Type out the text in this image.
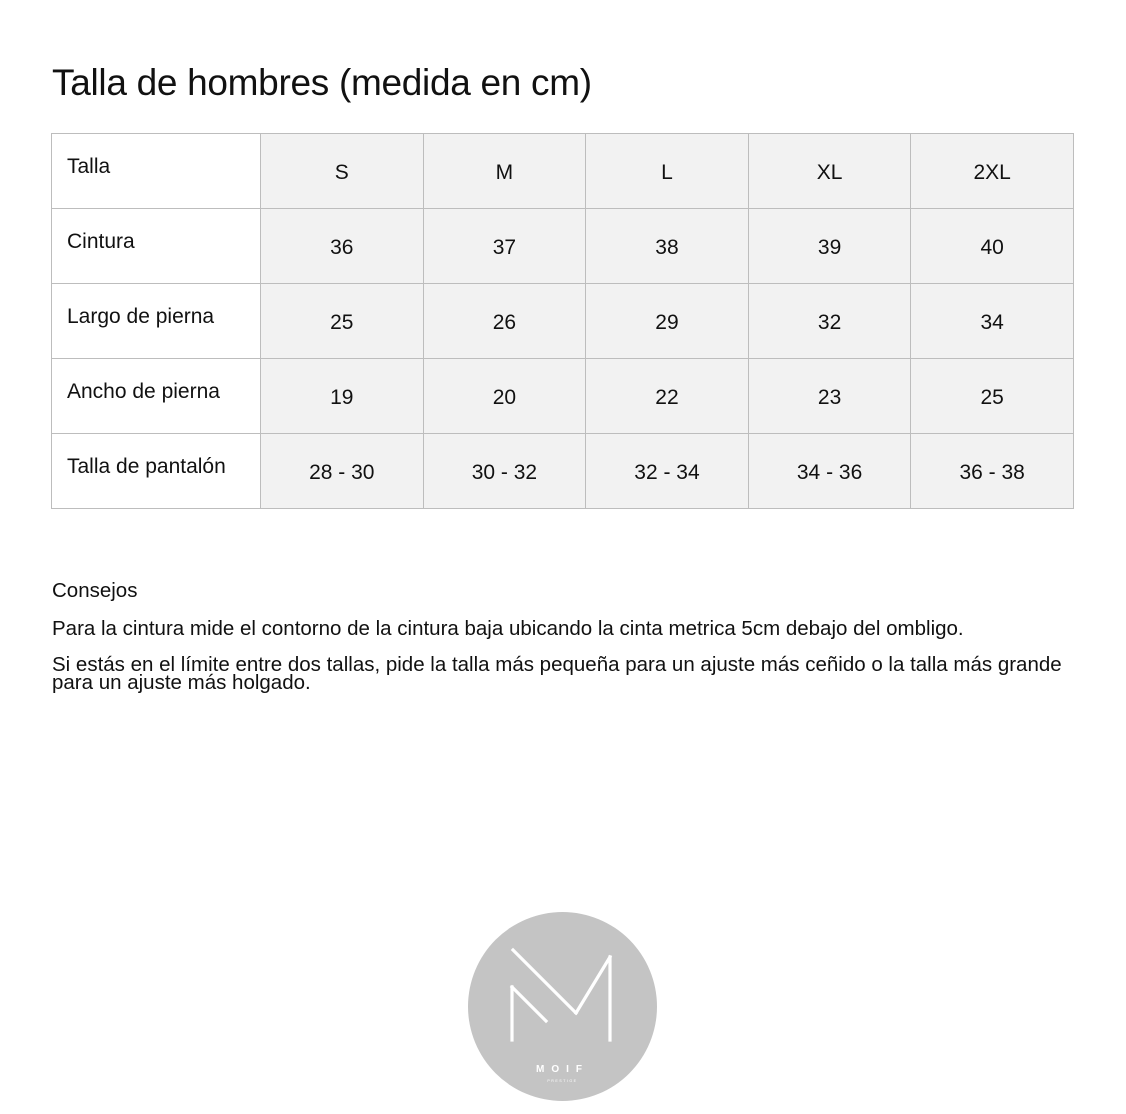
Talla de hombres (medida en cm)
Talla	S	M	L	XL	2XL
Cintura	36	37	38	39	40
Largo de pierna	25	26	29	32	34
Ancho de pierna	19	20	22	23	25
Talla de pantalón	28 - 30	30 - 32	32 - 34	34 - 36	36 - 38
Consejos

Para la cintura mide el contorno de la cintura baja ubicando la cinta metrica 5cm debajo del ombligo.

Si estás en el límite entre dos tallas, pide la talla más pequeña para un ajuste más ceñido o la talla más grande para un ajuste más holgado.

MOIF
PRESTIGE
